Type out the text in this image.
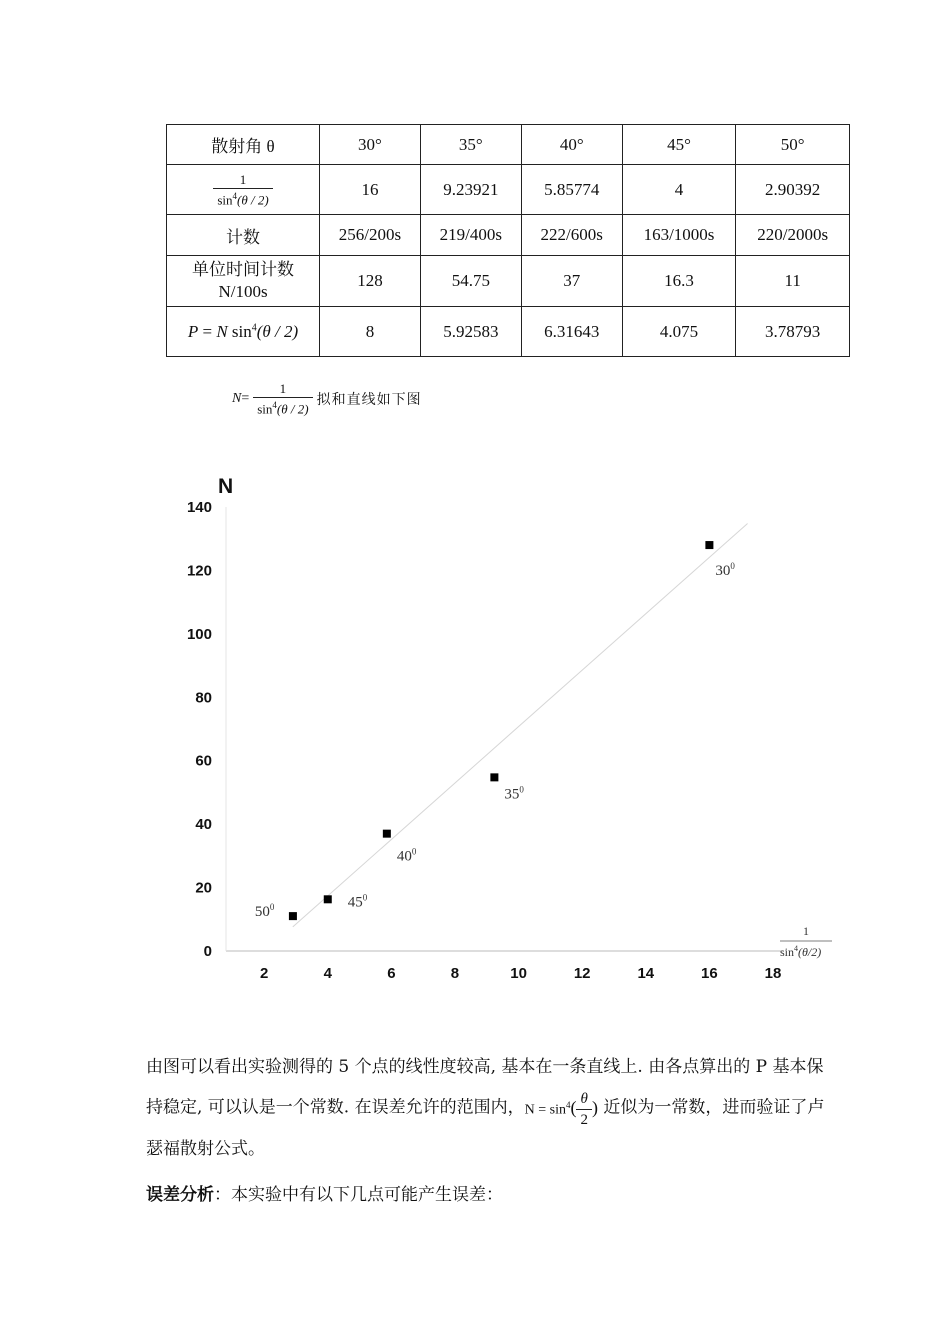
散射角 θ	30°	35°	40°	45°	50°

$\frac{1}{\sin^4(\theta / 2)}$	16	9.23921	5.85774	4	2.90392
计数	256/200s	219/400s	222/600s	163/1000s	220/2000s

单位时间计数
N/100s	128	54.75	37	16.3	11
P = N $\sin^4(\theta / 2)$	8	5.92583	6.31643	4.075	3.78793
$N = \frac{1}{\sin^4(\theta / 2)}$ 拟和直线如下图
0
20
40
60
80
100
120
140
2	4	6	8	10	12	14	16	18
$30^0$
$35^0$
$40^0$
$45^0$
$50^0$
N
1
$\sin^4(\theta/2)$
由图可以看出实验测得的 5 个点的线性度较高, 基本在一条直线上. 由各点算出的 P 基本保持稳定, 可以认是一个常数. 在误差允许的范围内，$N = \sin^4( \frac{\theta}{2}$ ) 近似为一常数，进而验证了卢瑟福散射公式。
误差分析：本实验中有以下几点可能产生误差：
